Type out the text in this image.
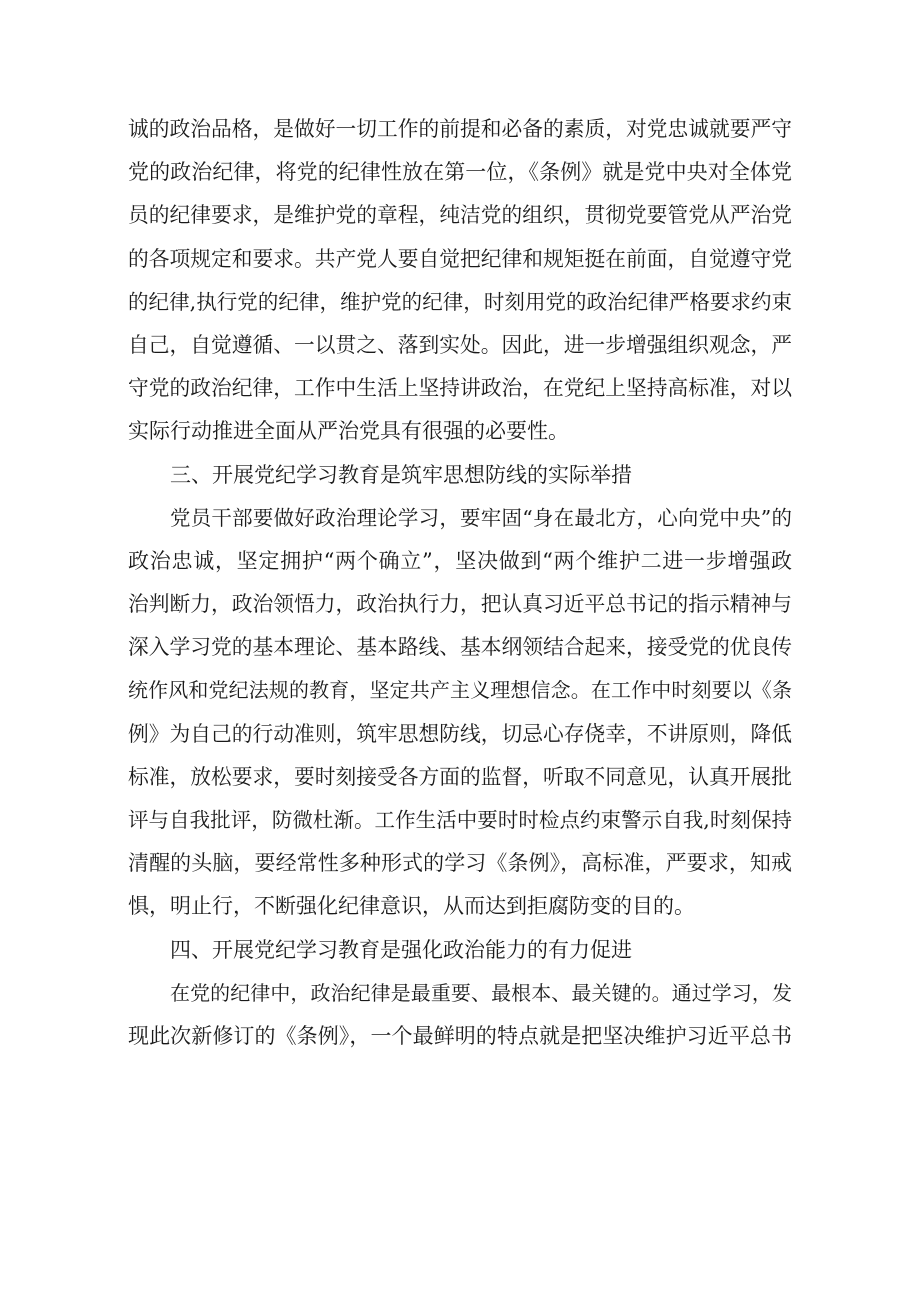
诚的政治品格，是做好一切工作的前提和必备的素质，对党忠诚就要严守
党的政治纪律，将党的纪律性放在第一位，《条例》就是党中央对全体党
员的纪律要求，是维护党的章程，纯洁党的组织，贯彻党要管党从严治党
的各项规定和要求。共产党人要自觉把纪律和规矩挺在前面，自觉遵守党
的纪律,执行党的纪律，维护党的纪律，时刻用党的政治纪律严格要求约束
自己，自觉遵循、一以贯之、落到实处。因此，进一步增强组织观念，严
守党的政治纪律，工作中生活上坚持讲政治，在党纪上坚持高标准，对以
实际行动推进全面从严治党具有很强的必要性。
三、开展党纪学习教育是筑牢思想防线的实际举措
党员干部要做好政治理论学习，要牢固“身在最北方，心向党中央”的
政治忠诚，坚定拥护“两个确立”，坚决做到“两个维护二进一步增强政
治判断力，政治领悟力，政治执行力，把认真习近平总书记的指示精神与
深入学习党的基本理论、基本路线、基本纲领结合起来，接受党的优良传
统作风和党纪法规的教育，坚定共产主义理想信念。在工作中时刻要以《条
例》为自己的行动准则，筑牢思想防线，切忌心存侥幸，不讲原则，降低
标准，放松要求，要时刻接受各方面的监督，听取不同意见，认真开展批
评与自我批评，防微杜渐。工作生活中要时时检点约束警示自我,时刻保持
清醒的头脑，要经常性多种形式的学习《条例》，高标准，严要求，知戒
惧，明止行，不断强化纪律意识，从而达到拒腐防变的目的。
四、开展党纪学习教育是强化政治能力的有力促进
在党的纪律中，政治纪律是最重要、最根本、最关键的。通过学习，发
现此次新修订的《条例》，一个最鲜明的特点就是把坚决维护习近平总书
